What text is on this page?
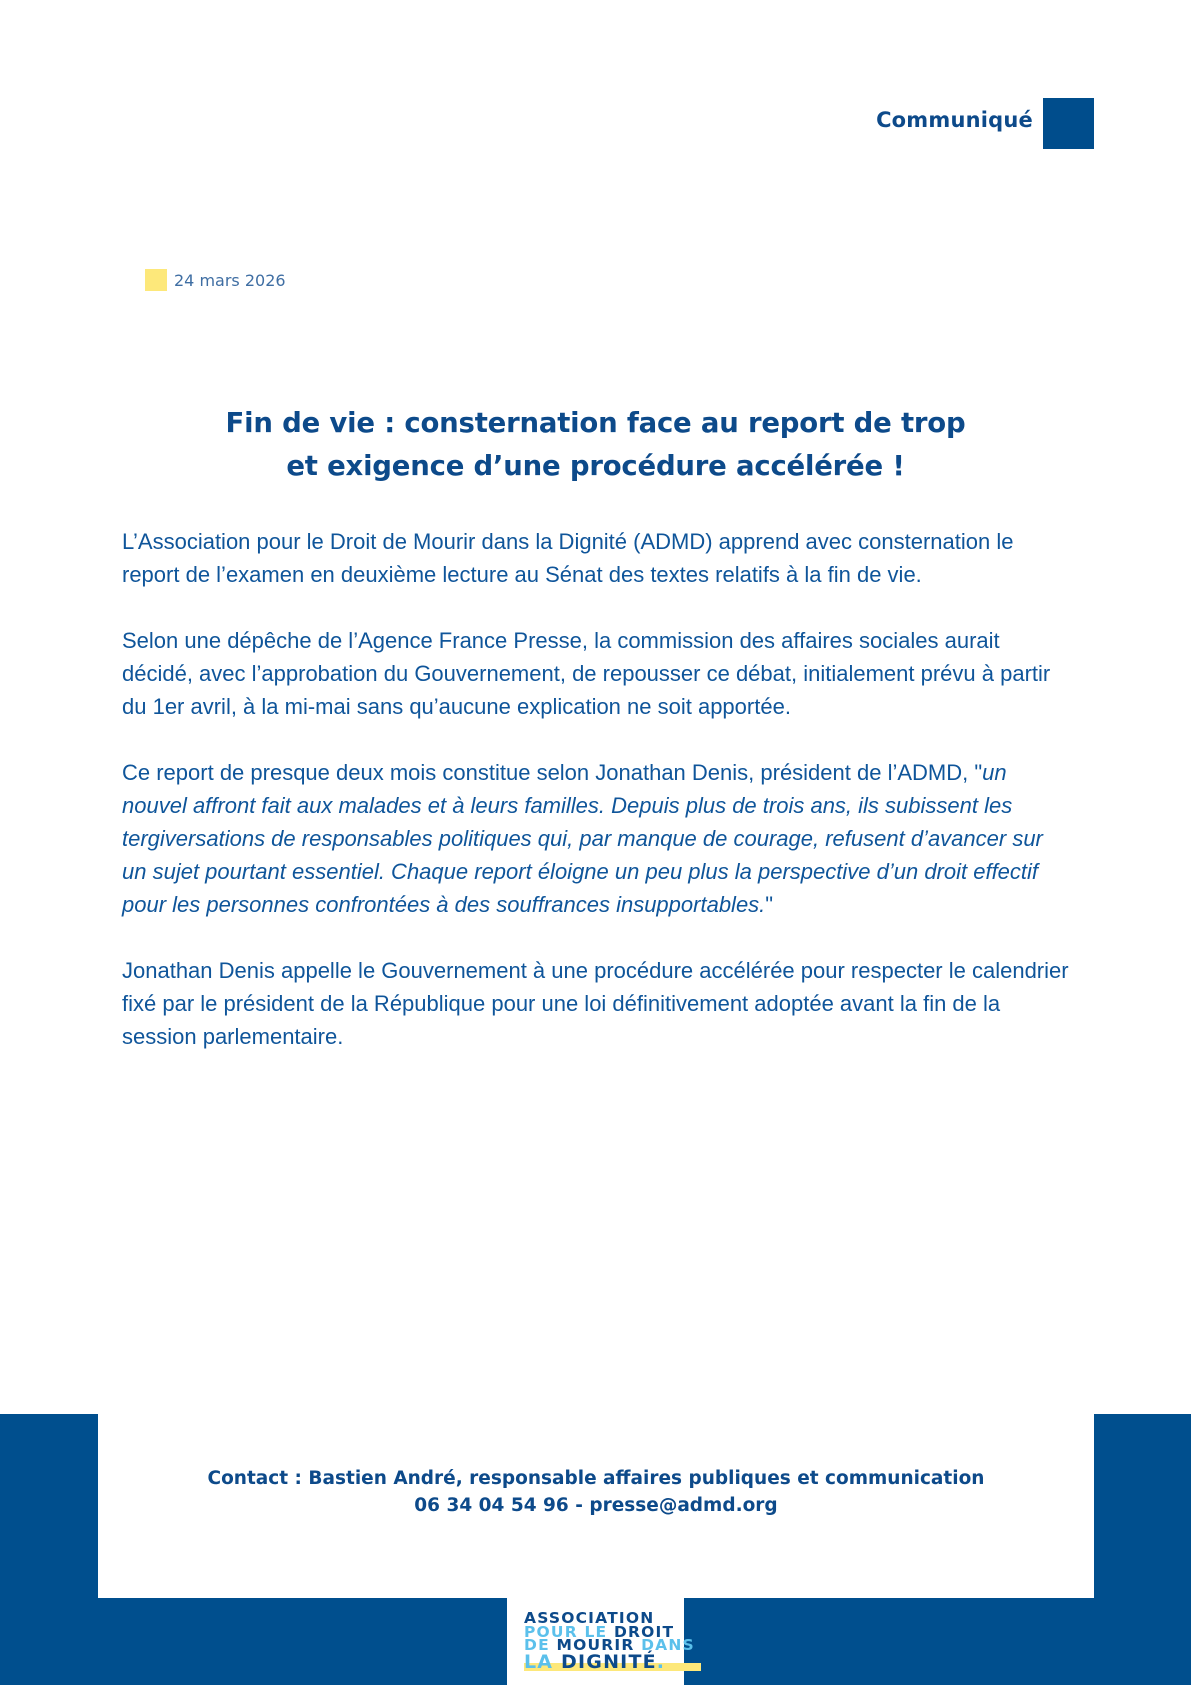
Communiqué
24 mars 2026
Fin de vie : consternation face au report de trop
et exigence d’une procédure accélérée !

L’Association pour le Droit de Mourir dans la Dignité (ADMD) apprend avec consternation le report de l’examen en deuxième lecture au Sénat des textes relatifs à la fin de vie.

Selon une dépêche de l’Agence France Presse, la commission des affaires sociales aurait décidé, avec l’approbation du Gouvernement, de repousser ce débat, initialement prévu à partir du 1er avril, à la mi-mai sans qu’aucune explication ne soit apportée.

Ce report de presque deux mois constitue selon Jonathan Denis, président de l’ADMD, "un nouvel affront fait aux malades et à leurs familles. Depuis plus de trois ans, ils subissent les tergiversations de responsables politiques qui, par manque de courage, refusent d’avancer sur un sujet pourtant essentiel. Chaque report éloigne un peu plus la perspective d’un droit effectif pour les personnes confrontées à des souffrances insupportables."

Jonathan Denis appelle le Gouvernement à une procédure accélérée pour respecter le calendrier fixé par le président de la République pour une loi définitivement adoptée avant la fin de la session parlementaire.

Contact : Bastien André, responsable affaires publiques et communication
06 34 04 54 96 - presse@admd.org
ASSOCIATION
POUR LE DROIT
DE MOURIR DANS
LA DIGNITÉ.
